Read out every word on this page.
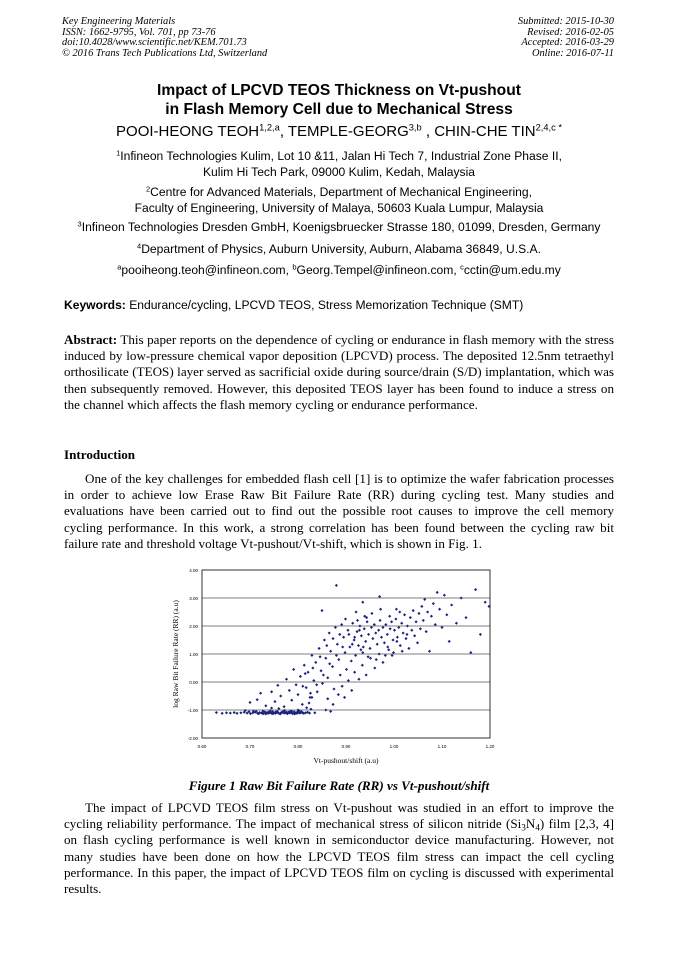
Key Engineering Materials
ISSN: 1662-9795, Vol. 701, pp 73-76
doi:10.4028/www.scientific.net/KEM.701.73
© 2016 Trans Tech Publications Ltd, Switzerland
Submitted: 2015-10-30
Revised: 2016-02-05
Accepted: 2016-03-29
Online: 2016-07-11
Impact of LPCVD TEOS Thickness on Vt-pushout
in Flash Memory Cell due to Mechanical Stress
POOI-HEONG TEOH$^{1,2,a}$, TEMPLE-GEORG$^{3,b}$ , CHIN-CHE $TIN^{2,4,c *}$
$^1$Infineon Technologies Kulim, Lot 10 &11, Jalan Hi Tech 7, Industrial Zone Phase II,
Kulim Hi Tech Park, 09000 Kulim, Kedah, Malaysia
$^2$Centre for Advanced Materials, Department of Mechanical Engineering,
Faculty of Engineering, University of Malaya, 50603 Kuala Lumpur, Malaysia
$^3$Infineon Technologies Dresden GmbH, Koenigsbruecker Strasse 180, 01099, Dresden, Germany
$^4$Department of Physics, Auburn University, Auburn, Alabama 36849, U.S.A.
$^a$pooiheong.teoh@infineon.com, $^b$Georg.Tempel@infineon.com, $^c$cctin@um.edu.my
Keywords: Endurance/cycling, LPCVD TEOS, Stress Memorization Technique (SMT)
Abstract: This paper reports on the dependence of cycling or endurance in flash memory with the stress induced by low-pressure chemical vapor deposition (LPCVD) process. The deposited 12.5nm tetraethyl orthosilicate (TEOS) layer served as sacrificial oxide during source/drain (S/D) implantation, which was then subsequently removed. However, this deposited TEOS layer has been found to induce a stress on the channel which affects the flash memory cycling or endurance performance.
Introduction
One of the key challenges for embedded flash cell [1] is to optimize the wafer fabrication processes in order to achieve low Erase Raw Bit Failure Rate (RR) during cycling test. Many studies and evaluations have been carried out to find out the possible root causes to improve the cell memory cycling performance. In this work, a strong correlation has been found between the cycling raw bit failure rate and threshold voltage Vt-pushout/Vt-shift, which is shown in Fig. 1.
log Raw Bit Failure Rate (RR) (a.u)
Vt-pushout/shift (a.u)
-2.00
-1.00
0.00
1.00
2.00
3.00
4.00
0.60	0.70	0.80	0.90	1.00	1.10	1.20
Figure 1 Raw Bit Failure Rate (RR) vs Vt-pushout/shift
The impact of LPCVD TEOS film stress on Vt-pushout was studied in an effort to improve the cycling reliability performance. The impact of mechanical stress of silicon nitride $(Si_3N_4)$ film [2,3, 4] on flash cycling performance is well known in semiconductor device manufacturing. However, not many studies have been done on how the LPCVD TEOS film stress can impact the cell cycling performance. In this paper, the impact of LPCVD TEOS film on cycling is discussed with experimental results.
